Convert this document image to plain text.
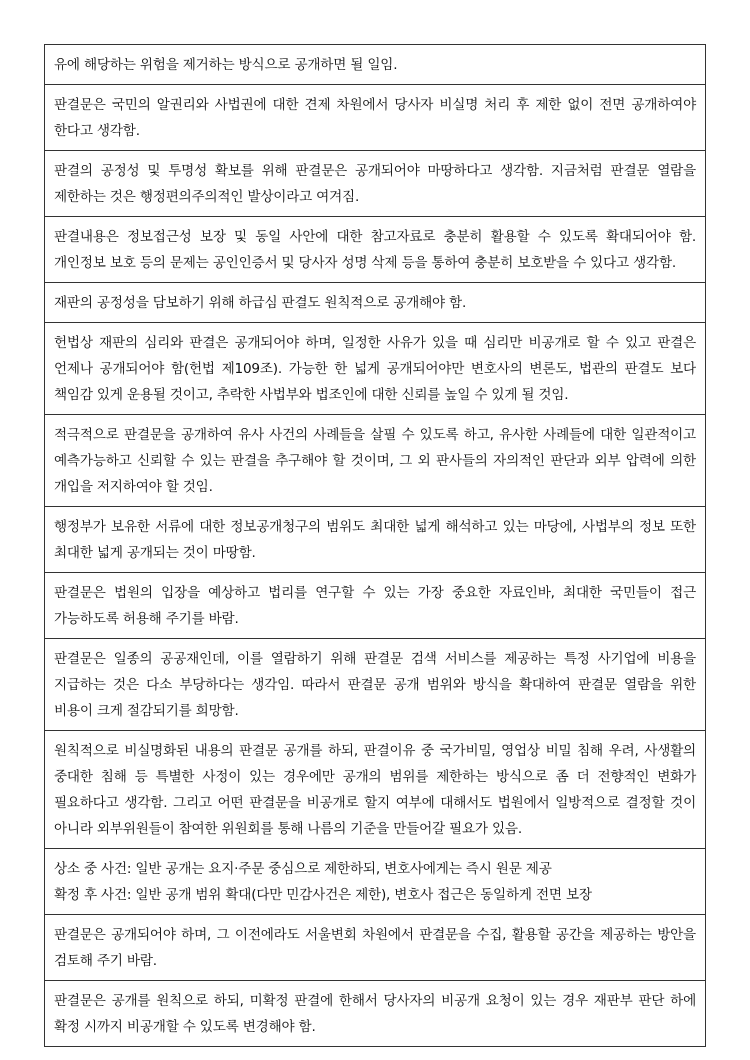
유에 해당하는 위험을 제거하는 방식으로 공개하면 될 일임.
판결문은 국민의 알권리와 사법권에 대한 견제 차원에서 당사자 비실명 처리 후 제한 없이 전면 공개하여야 한다고 생각함.
판결의 공정성 및 투명성 확보를 위해 판결문은 공개되어야 마땅하다고 생각함. 지금처럼 판결문 열람을 제한하는 것은 행정편의주의적인 발상이라고 여겨짐.
판결내용은 정보접근성 보장 및 동일 사안에 대한 참고자료로 충분히 활용할 수 있도록 확대되어야 함. 개인정보 보호 등의 문제는 공인인증서 및 당사자 성명 삭제 등을 통하여 충분히 보호받을 수 있다고 생각함.
재판의 공정성을 담보하기 위해 하급심 판결도 원칙적으로 공개해야 함.
헌법상 재판의 심리와 판결은 공개되어야 하며, 일정한 사유가 있을 때 심리만 비공개로 할 수 있고 판결은 언제나 공개되어야 함(헌법 제109조). 가능한 한 넓게 공개되어야만 변호사의 변론도, 법관의 판결도 보다 책임감 있게 운용될 것이고, 추락한 사법부와 법조인에 대한 신뢰를 높일 수 있게 될 것임.
적극적으로 판결문을 공개하여 유사 사건의 사례들을 살필 수 있도록 하고, 유사한 사례들에 대한 일관적이고 예측가능하고 신뢰할 수 있는 판결을 추구해야 할 것이며, 그 외 판사들의 자의적인 판단과 외부 압력에 의한 개입을 저지하여야 할 것임.
행정부가 보유한 서류에 대한 정보공개청구의 범위도 최대한 넓게 해석하고 있는 마당에, 사법부의 정보 또한 최대한 넓게 공개되는 것이 마땅함.
판결문은 법원의 입장을 예상하고 법리를 연구할 수 있는 가장 중요한 자료인바, 최대한 국민들이 접근 가능하도록 허용해 주기를 바람.
판결문은 일종의 공공재인데, 이를 열람하기 위해 판결문 검색 서비스를 제공하는 특정 사기업에 비용을 지급하는 것은 다소 부당하다는 생각임. 따라서 판결문 공개 범위와 방식을 확대하여 판결문 열람을 위한 비용이 크게 절감되기를 희망함.
원칙적으로 비실명화된 내용의 판결문 공개를 하되, 판결이유 중 국가비밀, 영업상 비밀 침해 우려, 사생활의 중대한 침해 등 특별한 사정이 있는 경우에만 공개의 범위를 제한하는 방식으로 좀 더 전향적인 변화가 필요하다고 생각함. 그리고 어떤 판결문을 비공개로 할지 여부에 대해서도 법원에서 일방적으로 결정할 것이 아니라 외부위원들이 참여한 위원회를 통해 나름의 기준을 만들어갈 필요가 있음.

상소 중 사건: 일반 공개는 요지·주문 중심으로 제한하되, 변호사에게는 즉시 원문 제공
확정 후 사건: 일반 공개 범위 확대(다만 민감사건은 제한), 변호사 접근은 동일하게 전면 보장

판결문은 공개되어야 하며, 그 이전에라도 서울변회 차원에서 판결문을 수집, 활용할 공간을 제공하는 방안을 검토해 주기 바람.
판결문은 공개를 원칙으로 하되, 미확정 판결에 한해서 당사자의 비공개 요청이 있는 경우 재판부 판단 하에 확정 시까지 비공개할 수 있도록 변경해야 함.
